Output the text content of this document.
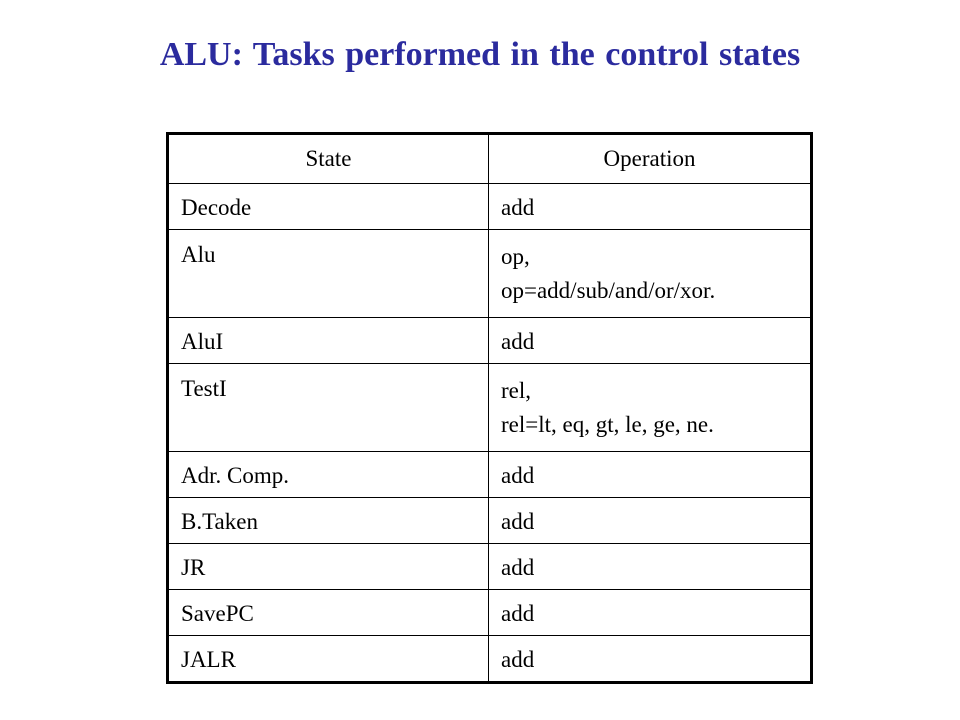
ALU: Tasks performed in the control states
State	Operation
Decode	add
Alu	op,
op=add/sub/and/or/xor.

AluI	add
TestI	rel,
rel=lt, eq, gt, le, ge, ne.

Adr. Comp.	add
B.Taken	add
JR	add
SavePC	add
JALR	add
